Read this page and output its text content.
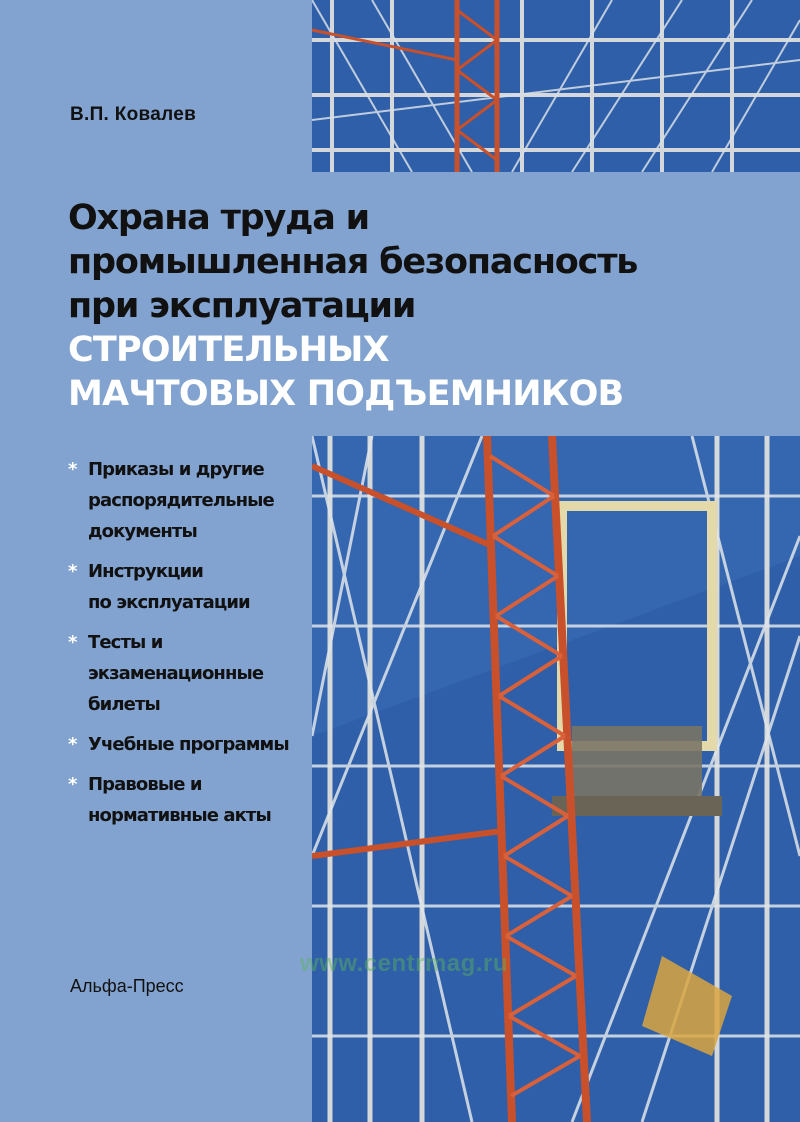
В.П. Ковалев
Охрана труда и
промышленная безопасность
при эксплуатации
СТРОИТЕЛЬНЫХ
МАЧТОВЫХ ПОДЪЕМНИКОВ
* Приказы и другие
распорядительные
документы
* Инструкции
по эксплуатации
* Тесты и
экзаменационные
билеты
* Учебные программы
* Правовые и
нормативные акты
www.centrmag.ru
Альфа-Пресс
